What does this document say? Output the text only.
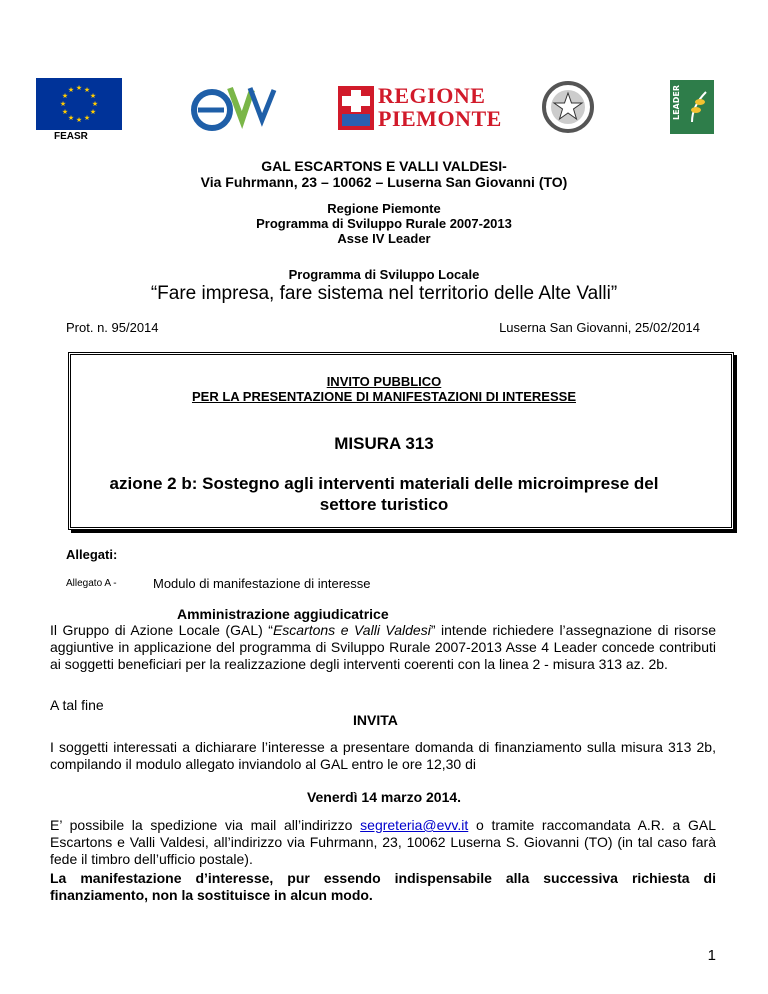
★ ★
★
★
★
★
★
★
★
★
★
★
FEASR
REGIONE
PIEMONTE	LEADER
GAL ESCARTONS E VALLI VALDESI-
Via Fuhrmann, 23 – 10062 – Luserna San Giovanni (TO)
Regione Piemonte
Programma di Sviluppo Rurale 2007-2013
Asse IV Leader
Programma di Sviluppo Locale
“Fare impresa, fare sistema nel territorio delle Alte Valli”
Prot. n. 95/2014	Luserna San Giovanni, 25/02/2014
INVITO PUBBLICO
PER LA PRESENTAZIONE DI MANIFESTAZIONI DI INTERESSE
MISURA 313
azione 2 b: Sostegno agli interventi materiali delle microimprese del
settore turistico
Allegati:
Allegato A -	Modulo di manifestazione di interesse
Amministrazione aggiudicatrice
Il Gruppo di Azione Locale (GAL) “Escartons e Valli Valdesi” intende richiedere l’assegnazione di risorse aggiuntive in applicazione del programma di Sviluppo Rurale 2007-2013 Asse 4 Leader concede contributi ai soggetti beneficiari per la realizzazione degli interventi coerenti con la linea 2 - misura 313 az. 2b.
A tal fine
INVITA
I soggetti interessati a dichiarare l’interesse a presentare domanda di finanziamento sulla misura 313 2b, compilando il modulo allegato inviandolo al GAL entro le ore 12,30 di
Venerdì 14 marzo 2014.
E’ possibile la spedizione via mail all’indirizzo segreteria@evv.it o tramite raccomandata A.R. a GAL Escartons e Valli Valdesi, all’indirizzo via Fuhrmann, 23, 10062 Luserna S. Giovanni (TO) (in tal caso farà fede il timbro dell’ufficio postale).
La manifestazione d’interesse, pur essendo indispensabile alla successiva richiesta di finanziamento, non la sostituisce in alcun modo.
1
